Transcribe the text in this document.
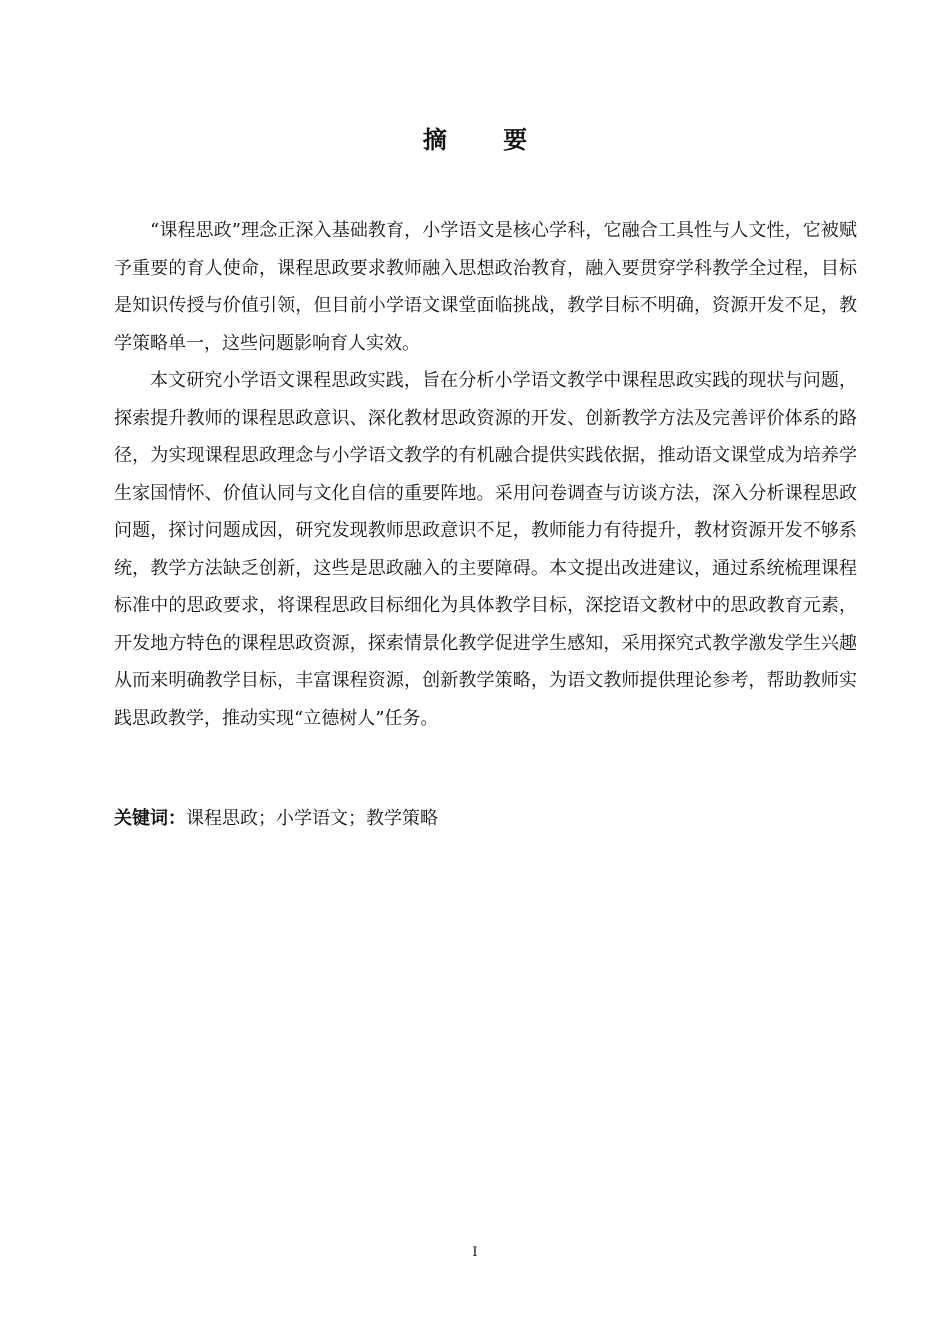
摘 要

“课程思政”理念正深入基础教育，小学语文是核心学科，它融合工具性与人文性，它被赋予重要的育人使命，课程思政要求教师融入思想政治教育，融入要贯穿学科教学全过程，目标是知识传授与价值引领，但目前小学语文课堂面临挑战，教学目标不明确，资源开发不足，教学策略单一，这些问题影响育人实效。

本文研究小学语文课程思政实践，旨在分析小学语文教学中课程思政实践的现状与问题，探索提升教师的课程思政意识、深化教材思政资源的开发、创新教学方法及完善评价体系的路径，为实现课程思政理念与小学语文教学的有机融合提供实践依据，推动语文课堂成为培养学生家国情怀、价值认同与文化自信的重要阵地。采用问卷调查与访谈方法，深入分析课程思政问题，探讨问题成因，研究发现教师思政意识不足，教师能力有待提升，教材资源开发不够系统，教学方法缺乏创新，这些是思政融入的主要障碍。本文提出改进建议，通过系统梳理课程标准中的思政要求，将课程思政目标细化为具体教学目标，深挖语文教材中的思政教育元素，开发地方特色的课程思政资源，探索情景化教学促进学生感知，采用探究式教学激发学生兴趣从而来明确教学目标，丰富课程资源，创新教学策略，为语文教师提供理论参考，帮助教师实践思政教学，推动实现“立德树人”任务。

关键词：课程思政；小学语文；教学策略
I
